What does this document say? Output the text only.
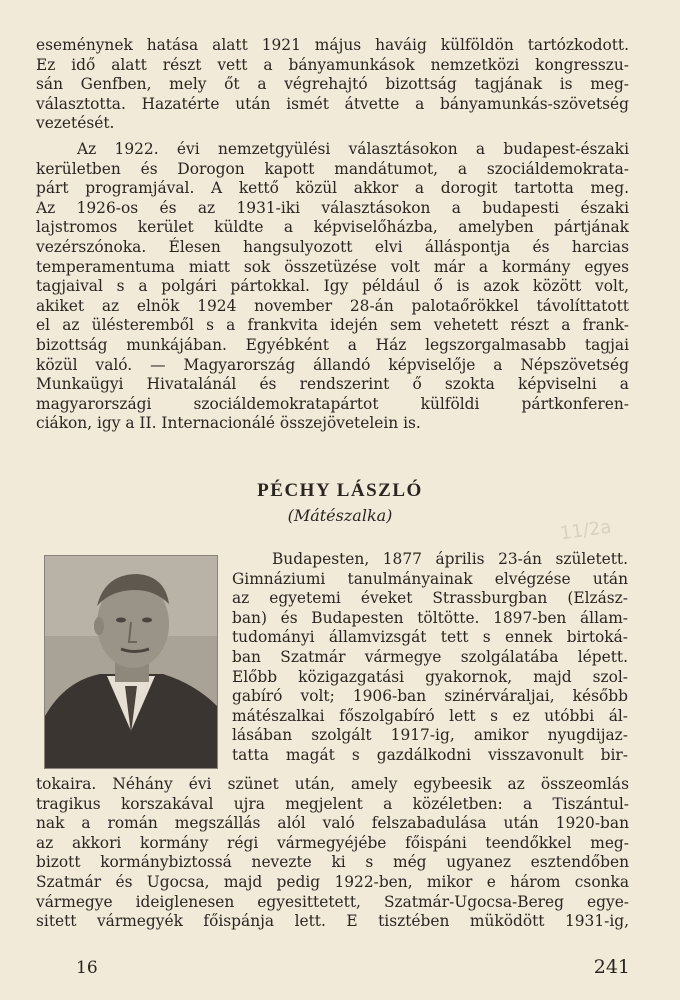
eseménynek hatása alatt 1921 május haváig külföldön tartózkodott.
Ez idő alatt részt vett a bányamunkások nemzetközi kongresszu-
sán Genfben, mely őt a végrehajtó bizottság tagjának is meg-
választotta. Hazatérte után ismét átvette a bányamunkás-szövetség
vezetését.

Az 1922. évi nemzetgyülési választásokon a budapest-északi
kerületben és Dorogon kapott mandátumot, a szociáldemokrata-
párt programjával. A kettő közül akkor a dorogit tartotta meg.
Az 1926-os és az 1931-iki választásokon a budapesti északi
lajstromos kerület küldte a képviselőházba, amelyben pártjának
vezérszónoka. Élesen hangsulyozott elvi álláspontja és harcias
temperamentuma miatt sok összetüzése volt már a kormány egyes
tagjaival s a polgári pártokkal. Igy például ő is azok között volt,
akiket az elnök 1924 november 28-án palotaőrökkel távolíttatott
el az ülésteremből s a frankvita idején sem vehetett részt a frank-
bizottság munkájában. Egyébként a Ház legszorgalmasabb tagjai
közül való. — Magyarország állandó képviselője a Népszövetség
Munkaügyi Hivatalánál és rendszerint ő szokta képviselni a
magyarországi szociáldemokratapártot külföldi pártkonferen-
ciákon, igy a II. Internacionálé összejövetelein is.

PÉCHY LÁSZLÓ

(Mátészalka)

11/2a
Budapesten, 1877 április 23-án született.
Gimnáziumi tanulmányainak elvégzése után
az egyetemi éveket Strassburgban (Elzász-
ban) és Budapesten töltötte. 1897-ben állam-
tudományi államvizsgát tett s ennek birtoká-
ban Szatmár vármegye szolgálatába lépett.
Előbb közigazgatási gyakornok, majd szol-
gabíró volt; 1906-ban szinérváraljai, később
mátészalkai főszolgabíró lett s ez utóbbi ál-
lásában szolgált 1917-ig, amikor nyugdijaz-
tatta magát s gazdálkodni visszavonult bir-

tokaira. Néhány évi szünet után, amely egybeesik az összeomlás
tragikus korszakával ujra megjelent a közéletben: a Tiszántul-
nak a román megszállás alól való felszabadulása után 1920-ban
az akkori kormány régi vármegyéjébe főispáni teendőkkel meg-
bizott kormánybiztossá nevezte ki s még ugyanez esztendőben
Szatmár és Ugocsa, majd pedig 1922-ben, mikor e három csonka
vármegye ideiglenesen egyesittetett, Szatmár-Ugocsa-Bereg egye-
sitett vármegyék főispánja lett. E tisztében müködött 1931-ig,

16	241
